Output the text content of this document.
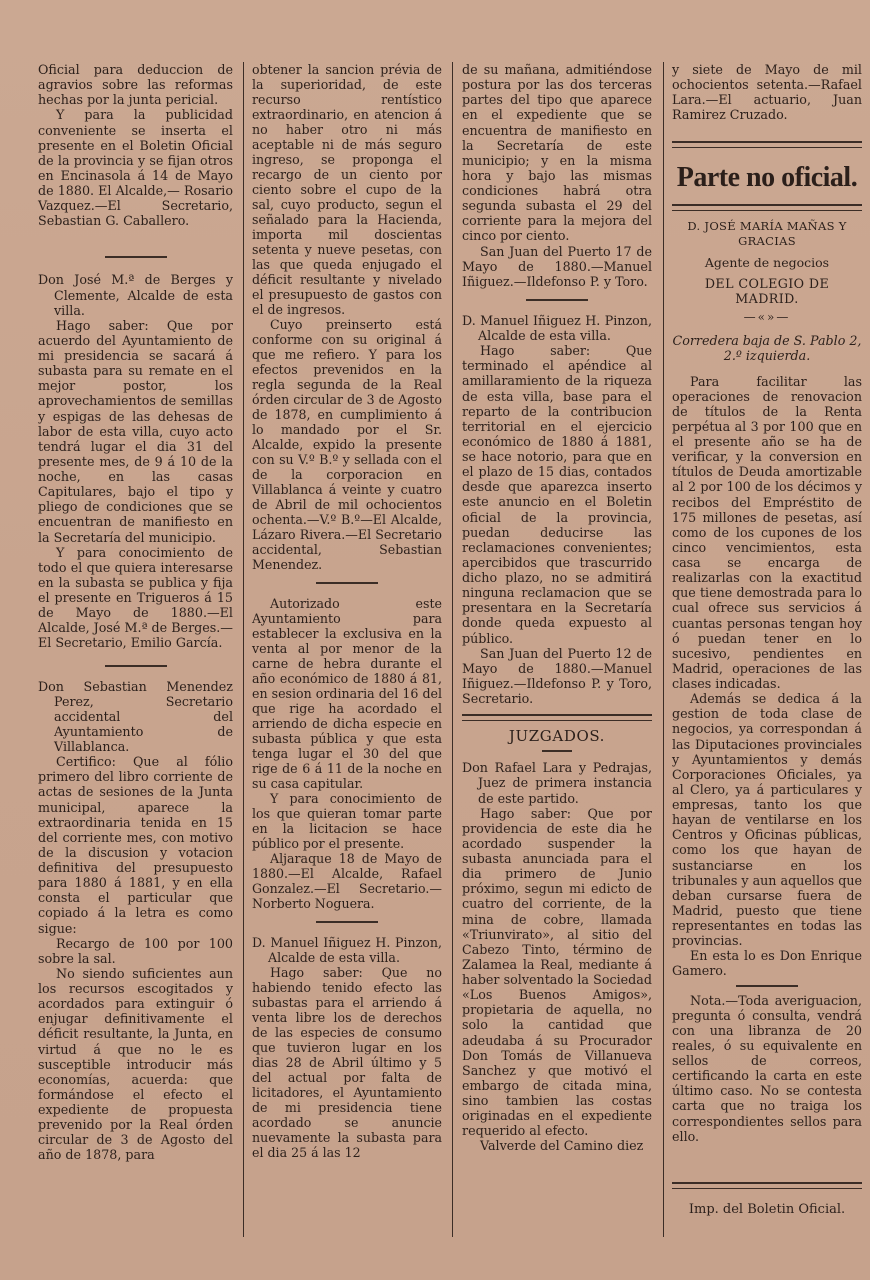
Oficial para deduccion de agravios sobre las reformas hechas por la junta pericial.

Y para la publicidad conveniente se inserta el presente en el Boletin Oficial de la provincia y se fijan otros en Encinasola á 14 de Mayo de 1880. El Alcalde,— Rosario Vazquez.—El Secretario, Sebastian G. Caballero.

Don José M.ª de Berges y Clemente, Alcalde de esta villa.

Hago saber: Que por acuerdo del Ayuntamiento de mi presidencia se sacará á subasta para su remate en el mejor postor, los aprovechamientos de semillas y espigas de las dehesas de labor de esta villa, cuyo acto tendrá lugar el dia 31 del presente mes, de 9 á 10 de la noche, en las casas Capitulares, bajo el tipo y pliego de condiciones que se encuentran de manifiesto en la Secretaría del municipio.

Y para conocimiento de todo el que quiera interesarse en la subasta se publica y fija el presente en Trigueros á 15 de Mayo de 1880.—El Alcalde, José M.ª de Berges.—El Secretario, Emilio García.

Don Sebastian Menendez Perez, Secretario accidental del Ayuntamiento de Villablanca.

Certifico: Que al fólio primero del libro corriente de actas de sesiones de la Junta municipal, aparece la extraordinaria tenida en 15 del corriente mes, con motivo de la discusion y votacion definitiva del presupuesto para 1880 á 1881, y en ella consta el particular que copiado á la letra es como sigue:

Recargo de 100 por 100 sobre la sal.

No siendo suficientes aun los recursos escogitados y acordados para extinguir ó enjugar definitivamente el déficit resultante, la Junta, en virtud á que no le es susceptible introducir más economías, acuerda: que formándose el efecto el expediente de propuesta prevenido por la Real órden circular de 3 de Agosto del año de 1878, para

obtener la sancion prévia de la superioridad, de este recurso rentístico extraordinario, en atencion á no haber otro ni más aceptable ni de más seguro ingreso, se proponga el recargo de un ciento por ciento sobre el cupo de la sal, cuyo producto, segun el señalado para la Hacienda, importa mil doscientas setenta y nueve pesetas, con las que queda enjugado el déficit resultante y nivelado el presupuesto de gastos con el de ingresos.

Cuyo preinserto está conforme con su original á que me refiero. Y para los efectos prevenidos en la regla segunda de la Real órden circular de 3 de Agosto de 1878, en cumplimiento á lo mandado por el Sr. Alcalde, expido la presente con su V.º B.º y sellada con el de la corporacion en Villablanca á veinte y cuatro de Abril de mil ochocientos ochenta.—V.º B.º—El Alcalde, Lázaro Rivera.—El Secretario accidental, Sebastian Menendez.

Autorizado este Ayuntamiento para establecer la exclusiva en la venta al por menor de la carne de hebra durante el año económico de 1880 á 81, en sesion ordinaria del 16 del que rige ha acordado el arriendo de dicha especie en subasta pública y que esta tenga lugar el 30 del que rige de 6 á 11 de la noche en su casa capitular.

Y para conocimiento de los que quieran tomar parte en la licitacion se hace público por el presente.

Aljaraque 18 de Mayo de 1880.—El Alcalde, Rafael Gonzalez.—El Secretario.—Norberto Noguera.

D. Manuel Iñiguez H. Pinzon, Alcalde de esta villa.

Hago saber: Que no habiendo tenido efecto las subastas para el arriendo á venta libre los de derechos de las especies de consumo que tuvieron lugar en los dias 28 de Abril último y 5 del actual por falta de licitadores, el Ayuntamiento de mi presidencia tiene acordado se anuncie nuevamente la subasta para el dia 25 á las 12

de su mañana, admitiéndose postura por las dos terceras partes del tipo que aparece en el expediente que se encuentra de manifiesto en la Secretaría de este municipio; y en la misma hora y bajo las mismas condiciones habrá otra segunda subasta el 29 del corriente para la mejora del cinco por ciento.

San Juan del Puerto 17 de Mayo de 1880.—Manuel Iñiguez.—Ildefonso P. y Toro.

D. Manuel Iñiguez H. Pinzon, Alcalde de esta villa.

Hago saber: Que terminado el apéndice al amillaramiento de la riqueza de esta villa, base para el reparto de la contribucion territorial en el ejercicio económico de 1880 á 1881, se hace notorio, para que en el plazo de 15 dias, contados desde que aparezca inserto este anuncio en el Boletin oficial de la provincia, puedan deducirse las reclamaciones convenientes; apercibidos que trascurrido dicho plazo, no se admitirá ninguna reclamacion que se presentara en la Secretaría donde queda expuesto al público.

San Juan del Puerto 12 de Mayo de 1880.—Manuel Iñiguez.—Ildefonso P. y Toro, Secretario.

JUZGADOS.

Don Rafael Lara y Pedrajas, Juez de primera instancia de este partido.

Hago saber: Que por providencia de este dia he acordado suspender la subasta anunciada para el dia primero de Junio próximo, segun mi edicto de cuatro del corriente, de la mina de cobre, llamada «Triunvirato», al sitio del Cabezo Tinto, término de Zalamea la Real, mediante á haber solventado la Sociedad «Los Buenos Amigos», propietaria de aquella, no solo la cantidad que adeudaba á su Procurador Don Tomás de Villanueva Sanchez y que motivó el embargo de citada mina, sino tambien las costas originadas en el expediente requerido al efecto.

Valverde del Camino diez

y siete de Mayo de mil ochocientos setenta.—Rafael Lara.—El actuario, Juan Ramirez Cruzado.

Parte no oficial.

D. JOSÉ MARÍA MAÑAS Y GRACIAS

Agente de negocios

DEL COLEGIO DE MADRID.

—«»—

Corredera baja de S. Pablo 2,

2.º izquierda.

Para facilitar las operaciones de renovacion de títulos de la Renta perpétua al 3 por 100 que en el presente año se ha de verificar, y la conversion en títulos de Deuda amortizable al 2 por 100 de los décimos y recibos del Empréstito de 175 millones de pesetas, así como de los cupones de los cinco vencimientos, esta casa se encarga de realizarlas con la exactitud que tiene demostrada para lo cual ofrece sus servicios á cuantas personas tengan hoy ó puedan tener en lo sucesivo, pendientes en Madrid, operaciones de las clases indicadas.

Además se dedica á la gestion de toda clase de negocios, ya correspondan á las Diputaciones provinciales y Ayuntamientos y demás Corporaciones Oficiales, ya al Clero, ya á particulares y empresas, tanto los que hayan de ventilarse en los Centros y Oficinas públicas, como los que hayan de sustanciarse en los tribunales y aun aquellos que deban cursarse fuera de Madrid, puesto que tiene representantes en todas las provincias.

En esta lo es Don Enrique Gamero.

Nota.—Toda averiguacion, pregunta ó consulta, vendrá con una libranza de 20 reales, ó su equivalente en sellos de correos, certificando la carta en este último caso. No se contesta carta que no traiga los correspondientes sellos para ello.

Imp. del Boletin Oficial.
